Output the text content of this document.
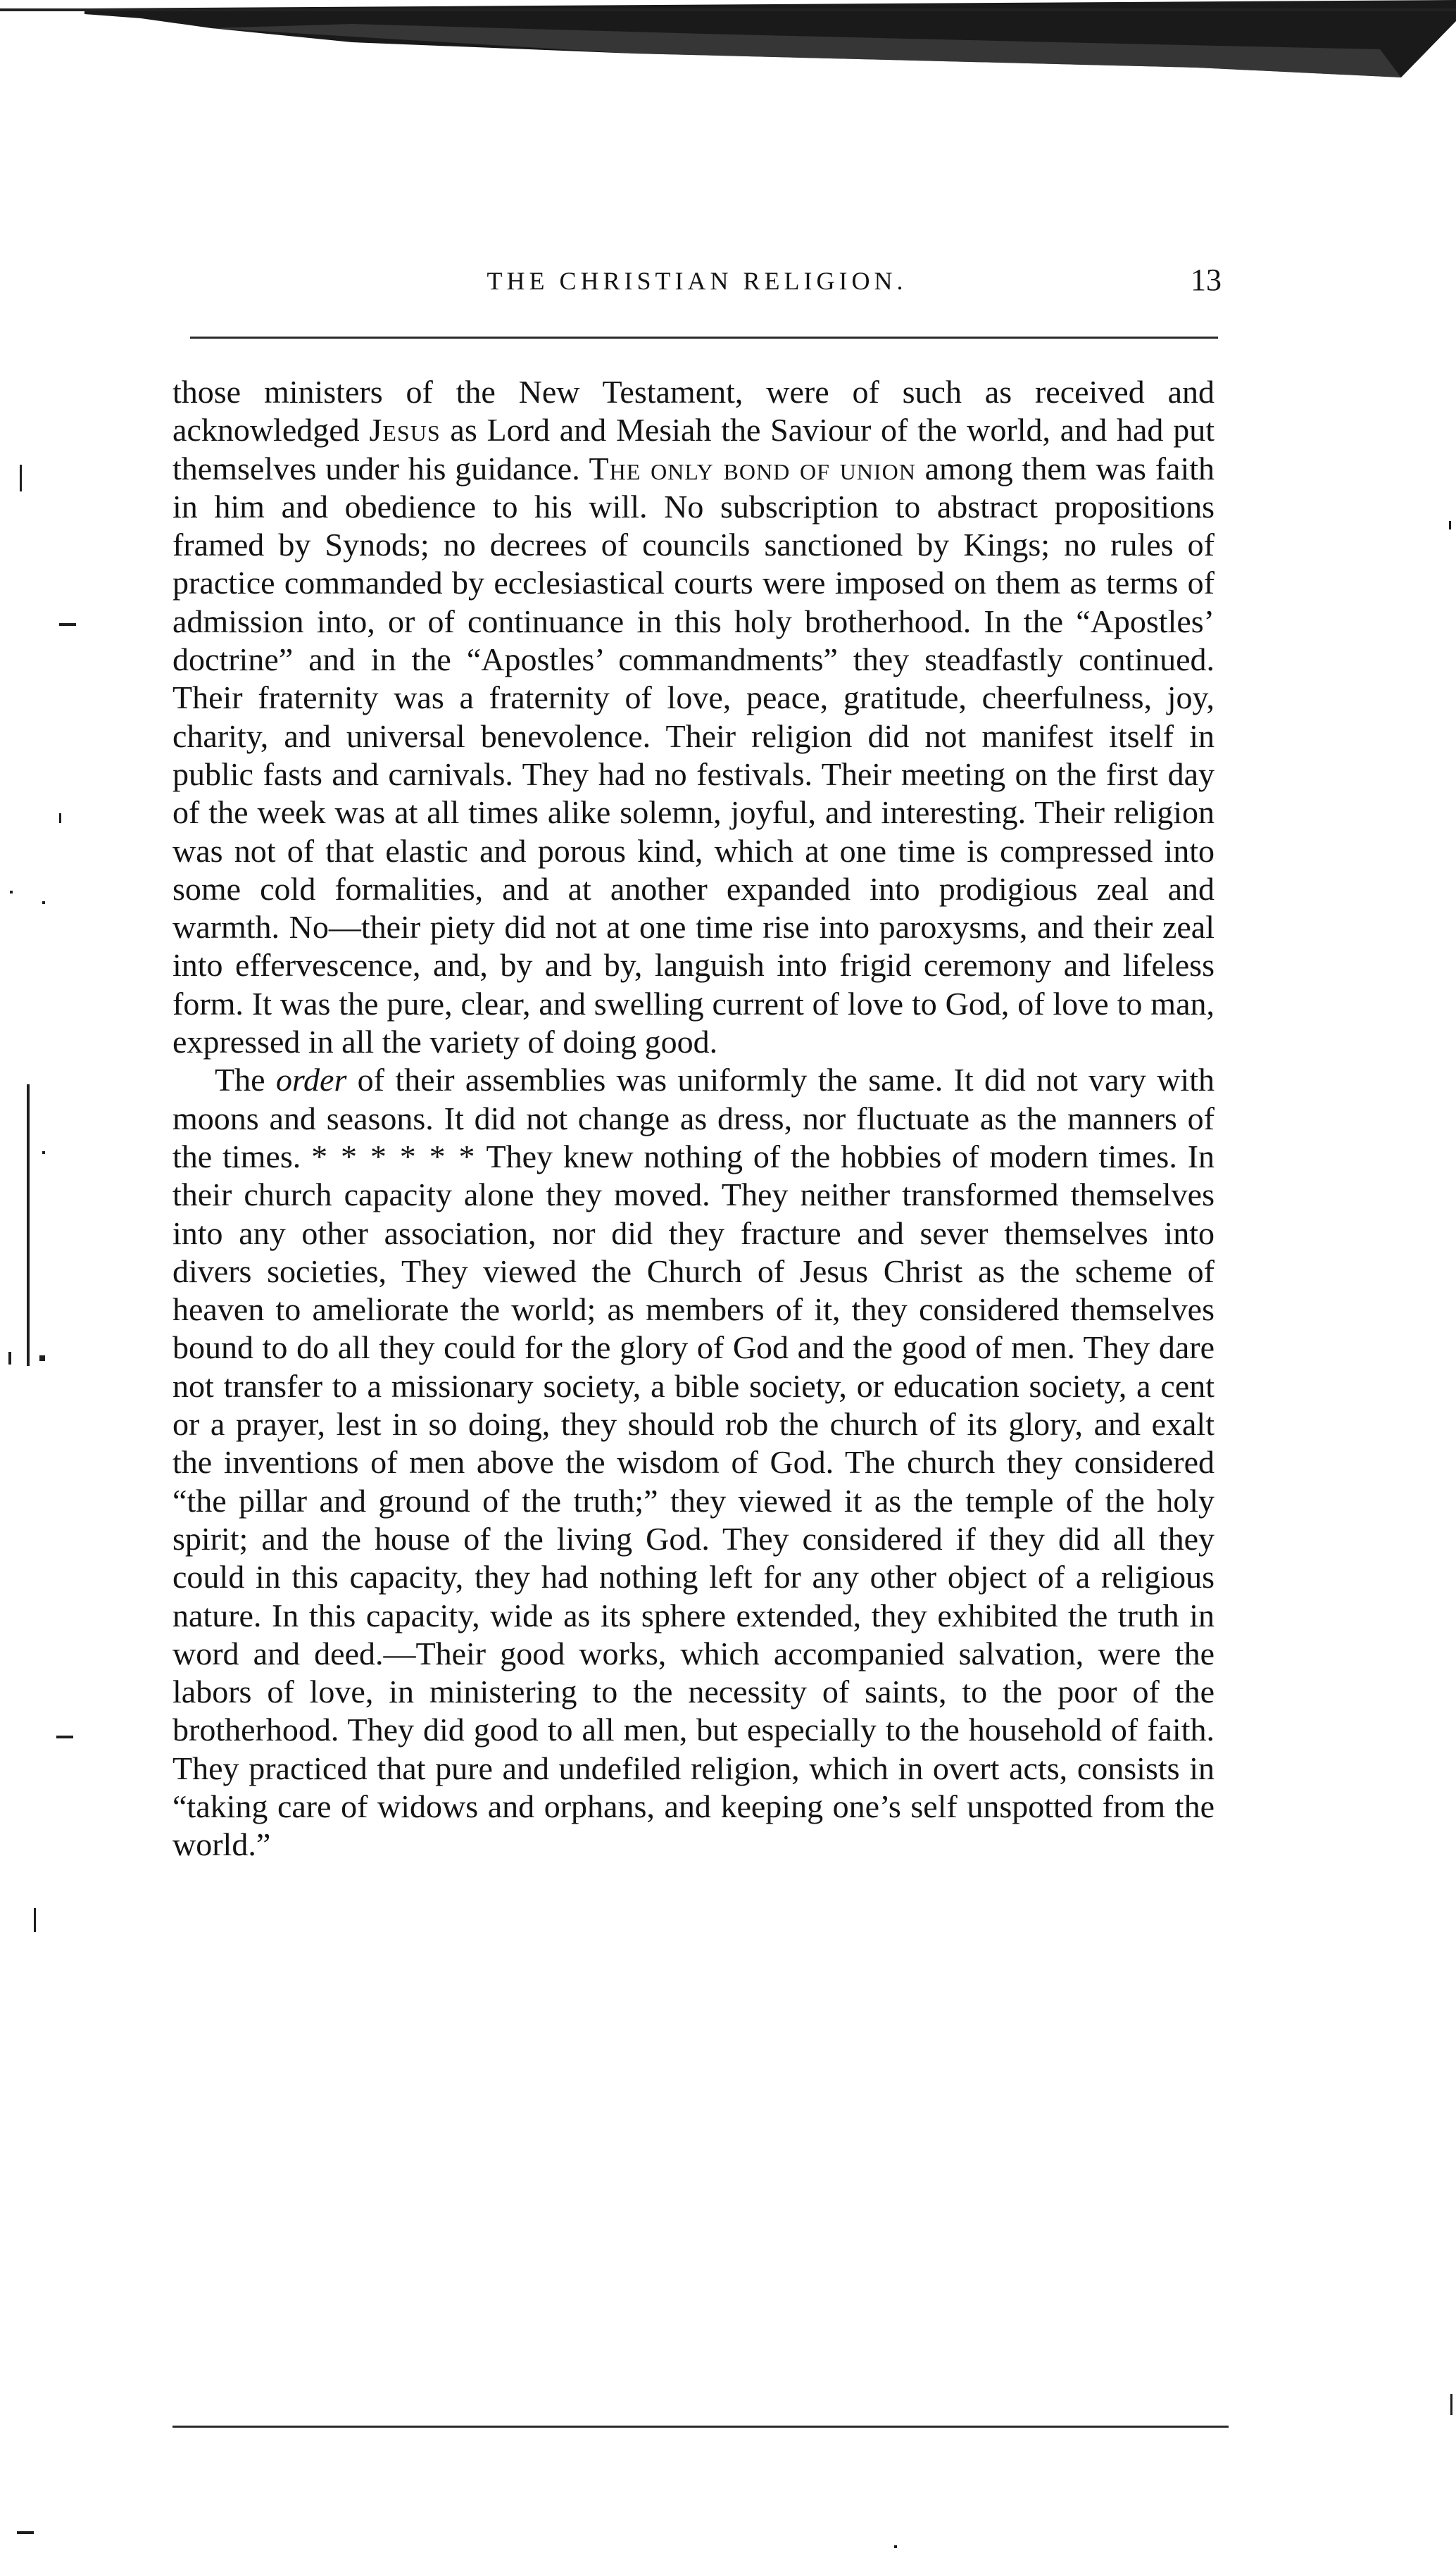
THE CHRISTIAN RELIGION.	13

those ministers of the New Testament, were of such as received and acknowledged Jesus as Lord and Mesiah the Saviour of the world, and had put themselves under his guidance. The only bond of union among them was faith in him and obedience to his will. No subscription to abstract propositions framed by Synods; no decrees of councils sanctioned by Kings; no rules of practice commanded by ecclesiastical courts were imposed on them as terms of admission into, or of continuance in this holy brotherhood. In the “Apostles’ doctrine” and in the “Apostles’ commandments” they steadfastly continued. Their fraternity was a fraternity of love, peace, gratitude, cheerfulness, joy, charity, and universal benevolence. Their religion did not manifest itself in public fasts and carnivals. They had no festivals. Their meeting on the first day of the week was at all times alike solemn, joyful, and interesting. Their religion was not of that elastic and porous kind, which at one time is compressed into some cold formalities, and at another expanded into prodigious zeal and warmth. No—their piety did not at one time rise into paroxysms, and their zeal into effervescence, and, by and by, languish into frigid ceremony and lifeless form. It was the pure, clear, and swelling current of love to God, of love to man, expressed in all the variety of doing good.

The order of their assemblies was uniformly the same. It did not vary with moons and seasons. It did not change as dress, nor fluctuate as the manners of the times. * * * * * * They knew nothing of the hobbies of modern times. In their church capacity alone they moved. They neither transformed themselves into any other association, nor did they fracture and sever themselves into divers societies, They viewed the Church of Jesus Christ as the scheme of heaven to ameliorate the world; as members of it, they considered themselves bound to do all they could for the glory of God and the good of men. They dare not transfer to a missionary society, a bible society, or education society, a cent or a prayer, lest in so doing, they should rob the church of its glory, and exalt the inventions of men above the wisdom of God. The church they considered “the pillar and ground of the truth;” they viewed it as the temple of the holy spirit; and the house of the living God. They considered if they did all they could in this capacity, they had nothing left for any other object of a religious nature. In this capacity, wide as its sphere extended, they exhibited the truth in word and deed.—Their good works, which accompanied salvation, were the labors of love, in ministering to the necessity of saints, to the poor of the brotherhood. They did good to all men, but especially to the household of faith. They practiced that pure and undefiled religion, which in overt acts, consists in “taking care of widows and orphans, and keeping one’s self unspotted from the world.”
